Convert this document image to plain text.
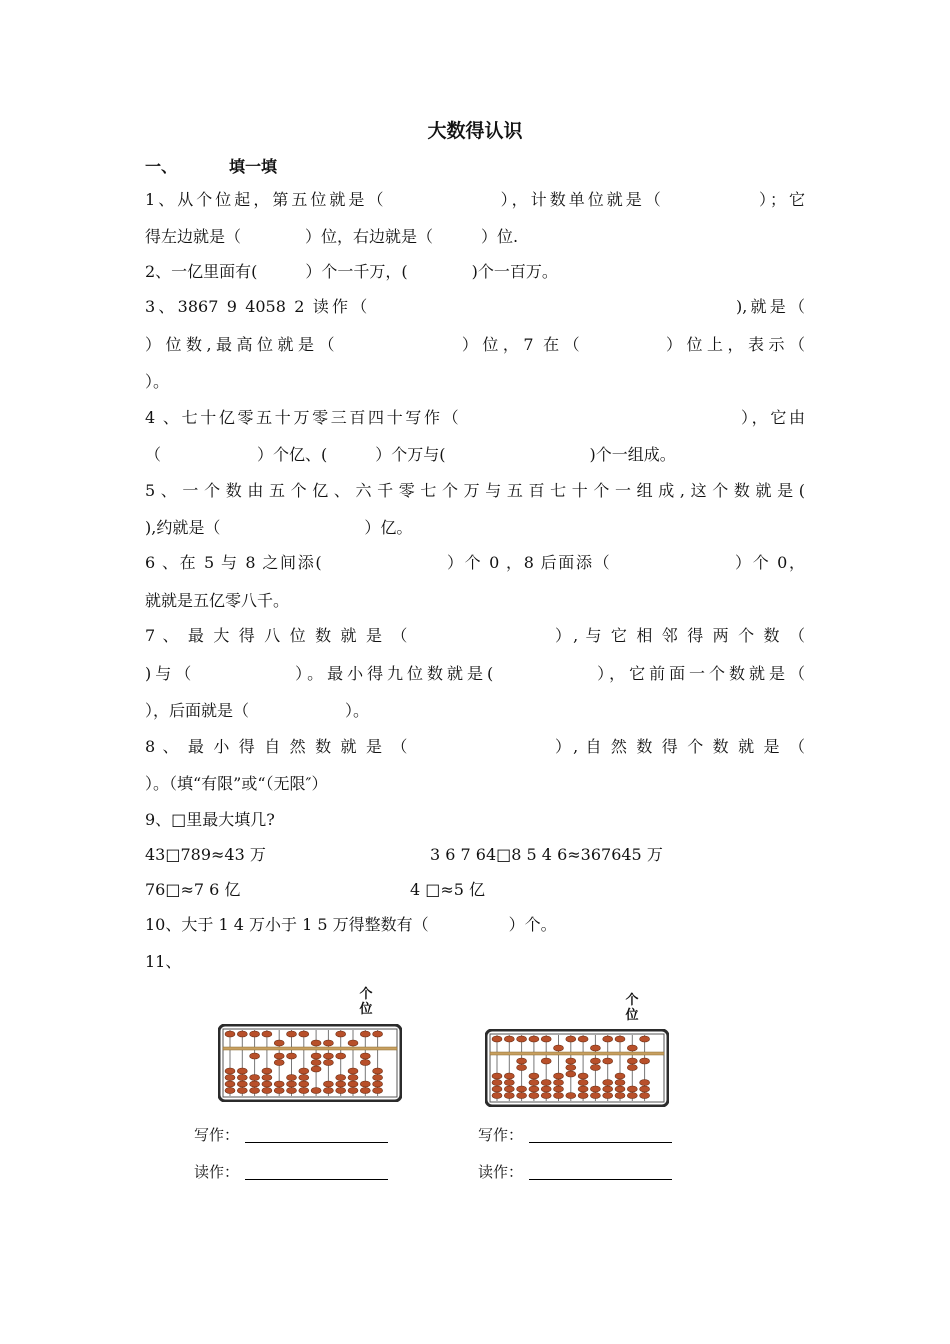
大数得认识
一、	填一填
1、从个位起，第五位就是（　　　　　　），计数单位就是（　　　　　）；它
得左边就是（　　　　）位，右边就是（　　　）位.
2、一亿里面有(　　　）个一千万，(　　　　)个一百万。
3、3867 9 4058 2 读作（　　　　　　　　　　　　　　　　　　　),就是（
）位数,最高位就是（　　　　　　）位，7 在（　　　　）位上，表示（
）。
4 、七十亿零五十万零三百四十写作（　　　　　　　　　　　　　　　），它由
（　　　　　　）个亿、(　　　）个万与(　　　　　　　　　)个一组成。
5、一个数由五个亿、六千零七个万与五百七十个一组成,这个数就是(
),约就是（　　　　　　　　　）亿。
6 、在 5 与 8 之间添(　　　　　　　）个 0 ，8 后面添（　　　　　　　）个 0，
就就是五亿零八千。
7 、 最 大 得 八 位 数 就 是 （　　　　　　　　）, 与 它 相 邻 得 两 个 数 （
)与（　　　　　）。最小得九位数就是(　　　　　），它前面一个数就是（
），后面就是（　　　　　　）。
8 、 最 小 得 自 然 数 就 是 （　　　　　　　　）, 自 然 数 得 个 数 就 是 （
）。（填“有限”或“（无限″）
9、□里最大填几?
43□789≈43 万	3 6 7 64□8 5 4 6≈367645 万
76□≈7 6 亿	4 □≈5 亿
10、大于 1 4 万小于 1 5 万得整数有（　　　　　）个。
11、
个位
个位
写作：
读作：
写作：
读作：
